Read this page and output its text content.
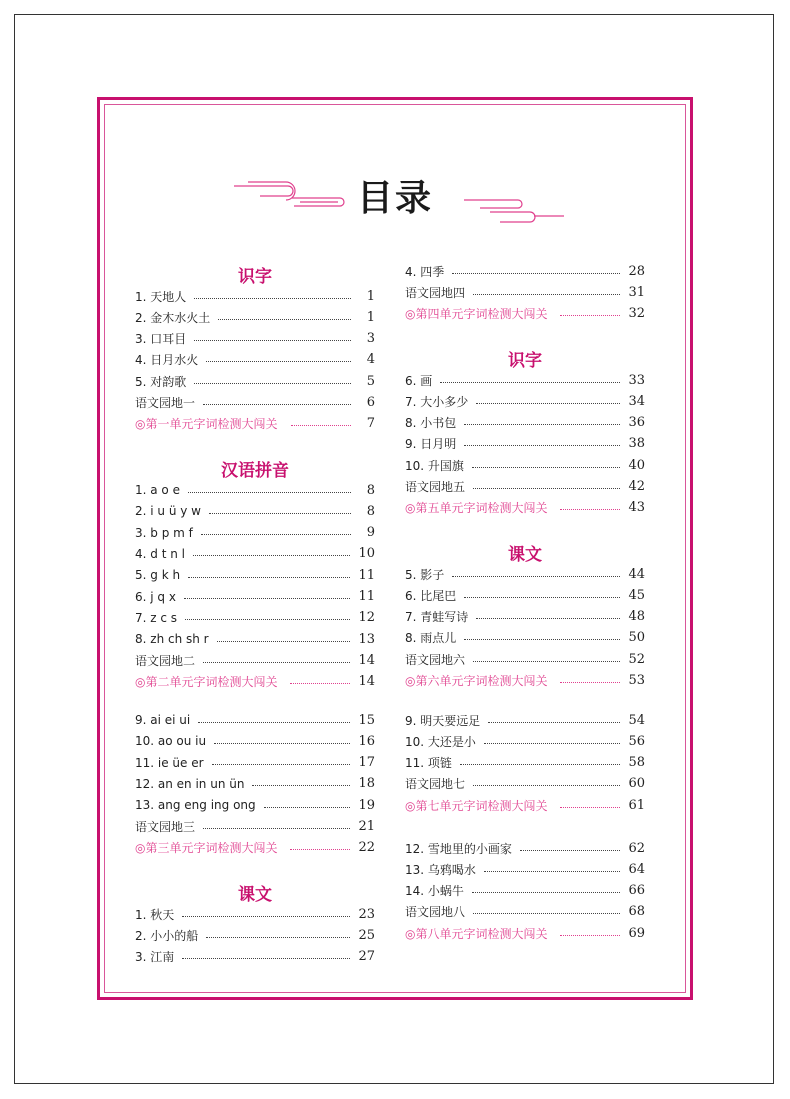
目录
识字
1. 天地人	1
2. 金木水火土	1
3. 口耳目	3
4. 日月水火	4
5. 对韵歌	5
语文园地一	6
◎第一单元字词检测大闯关	7
汉语拼音
1. a o e	8
2. i u ü y w	8
3. b p m f	9
4. d t n l	10
5. g k h	11
6. j q x	11
7. z c s	12
8. zh ch sh r	13
语文园地二	14
◎第二单元字词检测大闯关	14
9. ai ei ui	15
10. ao ou iu	16
11. ie üe er	17
12. an en in un ün	18
13. ang eng ing ong	19
语文园地三	21
◎第三单元字词检测大闯关	22
课文
1. 秋天	23
2. 小小的船	25
3. 江南	27
4. 四季	28
语文园地四	31
◎第四单元字词检测大闯关	32
识字
6. 画	33
7. 大小多少	34
8. 小书包	36
9. 日月明	38
10. 升国旗	40
语文园地五	42
◎第五单元字词检测大闯关	43
课文
5. 影子	44
6. 比尾巴	45
7. 青蛙写诗	48
8. 雨点儿	50
语文园地六	52
◎第六单元字词检测大闯关	53
9. 明天要远足	54
10. 大还是小	56
11. 项链	58
语文园地七	60
◎第七单元字词检测大闯关	61
12. 雪地里的小画家	62
13. 乌鸦喝水	64
14. 小蜗牛	66
语文园地八	68
◎第八单元字词检测大闯关	69
